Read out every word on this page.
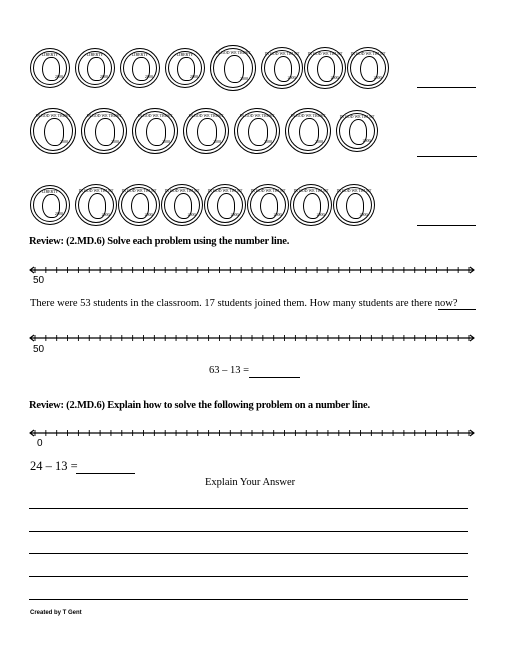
LIBERTY
2000
LIBERTY
2000
LIBERTY
2000
LIBERTY
2000
IN GOD WE TRUST
2000
IN GOD WE TRUST
2000
IN GOD WE TRUST
2000
IN GOD WE TRUST
2000
IN GOD WE TRUST
2000
IN GOD WE TRUST
2000
IN GOD WE TRUST
2000
IN GOD WE TRUST
2000
IN GOD WE TRUST
2000
IN GOD WE TRUST
2000
IN GOD WE TRUST
2000
LIBERTY
2000
IN GOD WE TRUST
2000
IN GOD WE TRUST
2000
IN GOD WE TRUST
2000
IN GOD WE TRUST
2000
IN GOD WE TRUST
2000
IN GOD WE TRUST
2000
IN GOD WE TRUST
2000
Review: (2.MD.6) Solve each problem using the number line.
50
There were 53 students in the classroom. 17 students joined them. How many students are there now?
50
63 – 13 =
Review: (2.MD.6) Explain how to solve the following problem on a number line.
0
24 – 13 =
Explain Your Answer
Created by T Gent
